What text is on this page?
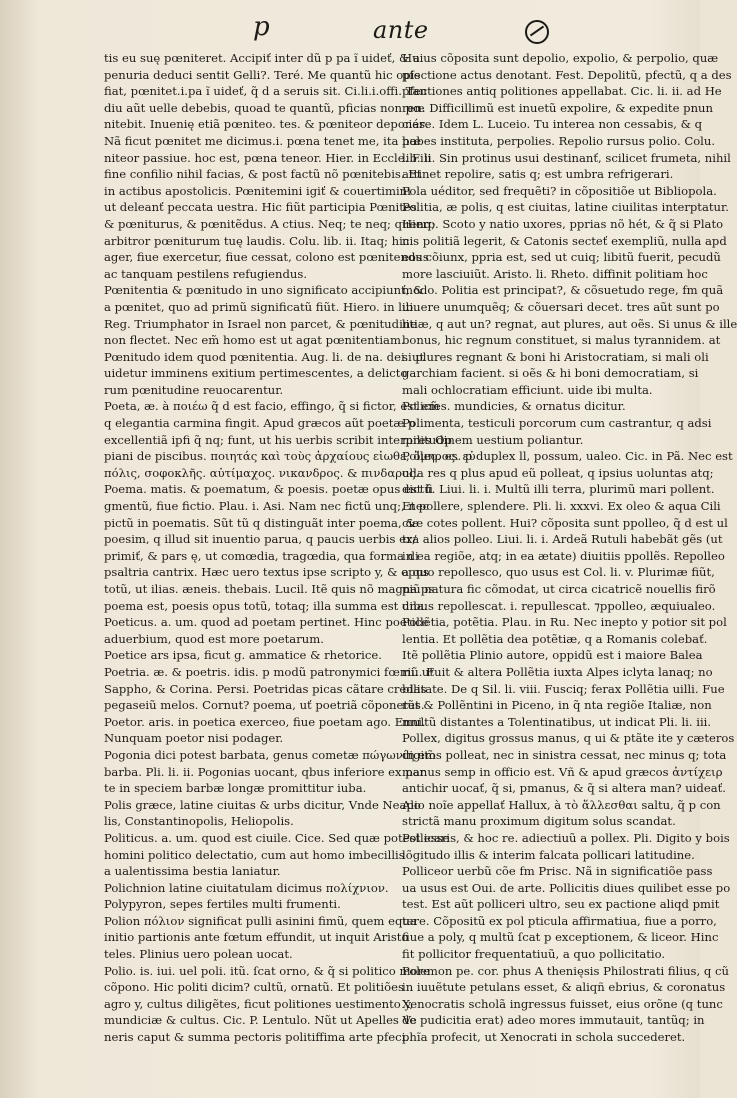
p	ante
tis eu suę pœniteret. Accipiť inter dũ p pa ĩ uideť, & a
penuria deduci sentit Gelli?. Teré. Me quantũ hic opis
fiat, pœnitet.i.pa ĩ uideť, q̃ d a seruis sit. Ci.li.i.offi. Tan
diu aũt uelle debebis, quoad te quantũ, pficias non pœ
nitebit. Inuenię etiã pœniteo. tes. & pœniteor deponés.
Nã ficut pœnitet me dicimus.i. pœna tenet me, ita pœ
niteor passiue. hoc est, pœna teneor. Hier. in Eccle. Fili
fine confilio nihil facias, & post factũ nõ pœnitebis. Et
in actibus apostolicis. Pœnitemini igiť & couertimini
ut deleanť peccata uestra. Hic fiũt participia Pœnites
& pœniturus, & pœnitẽdus. A ctius. Neq; te neq; quenq;
arbitror pœniturum tuę laudis. Colu. lib. ii. Itaq; hic
ager, fiue exercetur, fiue cessat, colono est pœnitendus
ac tanquam pestilens refugiendus.
Pœnitentia & pœnitudo in uno significato accipiunť, &
a pœnitet, quo ad primũ significatũ fiũt. Hiero. in lib.
Reg. Triumphator in Israel non parcet, & pœnitudine
non flectet. Nec em̃ homo est ut agat pœnitentiam.
Pœnitudo idem quod pœnitentia. Aug. li. de na. dei. ut
uidetur imminens exitium pertimescentes, a delicto
rum pœnitudine reuocarentur.
Poeta, æ. à ποιέω q̃ d est facio, effingo, q̃ si fictor, est em̃
q elegantia carmina fingit. Apud græcos aũt poetæ p
excellentiã ipfi q̃ nq; funt, ut his uerbis scribit interpres Op
piani de piscibus. ποιητάς καὶ τοὺς ἀρχαίους εἰωθε, ὅμηρος. εὐ
πόλις, σοφοκλῆς. αὐτίμαχος. νικανδρος. & πινδαρος.
Poema. matis. & poematum, & poesis. poetæ opus est fi
gmentũ, fiue fictio. Plau. i. Asi. Nam nec fictũ unq;, nec
pictũ in poematis. Sũt tũ q distinguãt inter poema, &
poesim, q illud sit inuentio parua, q paucis uerbis ex/
primiť, & pars ę, ut comœdia, tragœdia, qua forma di
psaltria cantrix. Hæc uero textus ipse scripto y, & opus
totũ, ut ilias. æneis. thebais. Lucil. Itẽ quis nõ magna ps
poema est, poesis opus totũ, totaq; illa summa est una.
Poeticus. a. um. quod ad poetam pertinet. Hinc poetice
aduerbium, quod est more poetarum.
Poetice ars ipsa, ficut g. ammatice & rhetorice.
Poetria. æ. & poetris. idis. p modũ patronymici fœmi. ut
Sappho, & Corina. Persi. Poetridas picas cãtare credas
pegaseiũ melos. Cornut? poema, uť poetriã cõponetes.
Poetor. aris. in poetica exerceo, fiue poetam ago. Enni.
Nunquam poetor nisi podager.
Pogonia dici potest barbata, genus cometæ πώγωνίη em̃
barba. Pli. li. ii. Pogonias uocant, qbus inferiore ex par
te in speciem barbæ longæ promittitur iuba.
Polis græce, latine ciuitas & urbs dicitur, Vnde Neapo
lis, Constantinopolis, Heliopolis.
Politicus. a. um. quod est ciuile. Cice. Sed quæ potest esse
homini politico delectatio, cum aut homo imbecillis
a ualentissima bestia laniatur.
Polichnion latine ciuitatulam dicimus πολίχνιον.
Polypyron, sepes fertiles multi frumenti.
Polion πόλιον significat pulli asinini fimũ, quem equa
initio partionis ante fœtum effundit, ut inquit Aristo
teles. Plinius uero polean uocat.
Polio. is. iui. uel poli. itũ. ſcat orno, & q̃ si politico more
cõpono. Hic politi dicim? cultũ, ornatũ. Et politiões
agro y, cultus diligẽtes, ficut politiones uestimento y,
mundiciæ & cultus. Cic. P. Lentulo. Nũt ut Apelles Ve
neris caput & summa pectoris politiffima arte pfeci.
Huius cõposita sunt depolio, expolio, & perpolio, quæ
pfectione actus denotant. Fest. Depolitũ, pfectũ, q a des
pfectiones antiq politiones appellabat. Cic. li. ii. ad He
ren. Difficillimũ est inuetũ expolire, & expedite pnun
ciare. Idem L. Luceio. Tu interea non cessabis, & q
habes instituta, perpolies. Repolio rursus polio. Colu.
lib. ii. Sin protinus usui destinanť, scilicet frumeta, nihil
attinet repolire, satis q; est umbra refrigerari.
Pola uéditor, sed frequẽti? in cõpositiõe ut Bibliopola.
Politia, æ polis, q est ciuitas, latine ciuilitas interptatur.
Hiero. Scoto y natio uxores, pprias nõ hét, & q̃ si Plato
nis politiã legerit, & Catonis secteť exempliũ, nulla apd
eos cõiunx, ppria est, sed ut cuiq; libitũ fuerit, pecudũ
more lasciuiũt. Aristo. li. Rheto. diffinit politiam hoc
modo. Politia est principat?, & cõsuetudo rege, fm quã
uiuere unumquẽq; & cõuersari decet. tres aũt sunt po
litiæ, q aut un? regnat, aut plures, aut oẽs. Si unus & ille
bonus, hic regnum constituet, si malus tyrannidem. at
si plures regnant & boni hi Aristocratiam, si mali oli
garchiam facient. si oẽs & hi boni democratiam, si
mali ochlocratiam efficiunt. uide ibi multa.
Policies. mundicies, & ornatus dicitur.
Polimenta, testiculi porcorum cum castrantur, q adsi
militudinem uestium poliantur.
Polleo. es. p duplex ll, possum, ualeo. Cic. in Pã. Nec est
ulla res q plus apud eũ polleat, q ipsius uoluntas atq;
dictũ. Liui. li. i. Multũ illi terra, plurimũ mari pollent.
Et pollere, splendere. Pli. li. xxxvi. Ex oleo & aqua Cili
ciæ cotes pollent. Hui? cõposita sunt ppolleo, q̃ d est ul
tra alios polleo. Liui. li. i. Ardeã Rutuli habebãt gẽs (ut
in ea regiõe, atq; in ea ætate) diuitiis ppollẽs. Repolleo
a quo repollescο, quo usus est Col. li. v. Plurimæ fiũt,
piũ natura fic cõmodat, ut circa cicatricẽ nouellis firõ
dibus repollescat. i. repullescat. ⁊ppolleo, æquiualeo.
Pollẽtia, potẽtia. Plau. in Ru. Nec inepto y potior sit pol
lentia. Et pollẽtia dea potẽtiæ, q a Romanis colebať.
Itẽ pollẽtia Plinio autore, oppidũ est i maiore Balea
riũ. Fuit & altera Pollẽtia iuxta Alpes iclyta lanaq; no
bilitate. De q Sil. li. viii. Fusciq; ferax Pollẽtia uilli. Fue
rũt & Pollẽntini in Piceno, in q̃ nta regiõe Italiæ, non
multũ distantes a Tolentinatibus, ut indicat Pli. li. iii.
Pollex, digitus grossus manus, q ui & ptãte ite y cæteros
digitos polleat, nec in sinistra cessat, nec minus q; tota
manus semp in officio est. Vñ & apud græcos ἀντίχειρ
antichir uocať, q̃ si, pmanus, & q̃ si altera man? uideať.
Alio noĩe appellať Hallux, à τὸ ἅλλεσθαι saltu, q̃ p con
strictã manu proximum digitum solus scandat.
Pollicaris, & hoc re. adiectiuũ a pollex. Pli. Digito y bois
lõgitudo illis & interim falcata pollicari latitudine.
Polliceor uerbũ cõe fm Prisc. Nã in significatiõe pass
ua usus est Oui. de arte. Pollicitis diues quilibet esse po
test. Est aũt polliceri ultro, seu ex pactione aliqd pmit
tere. Cõpositũ ex pol pticula affirmatiua, fiue a porro,
fiue a poly, q multũ ſcat p exceptionem, & liceor. Hinc
fit pollicitor frequentatiuũ, a quo pollicitatio.
Polemon pe. cor. phus A thenięsis Philostrati filius, q cũ
in iuuẽtute petulans esset, & aliqñ ebrius, & coronatus
Xenocratis scholã ingressus fuisset, eius orõne (q tunc
de pudicitia erat) adeo mores immutauit, tantũq; in
phĩa profecit, ut Xenocrati in schola succederet.
